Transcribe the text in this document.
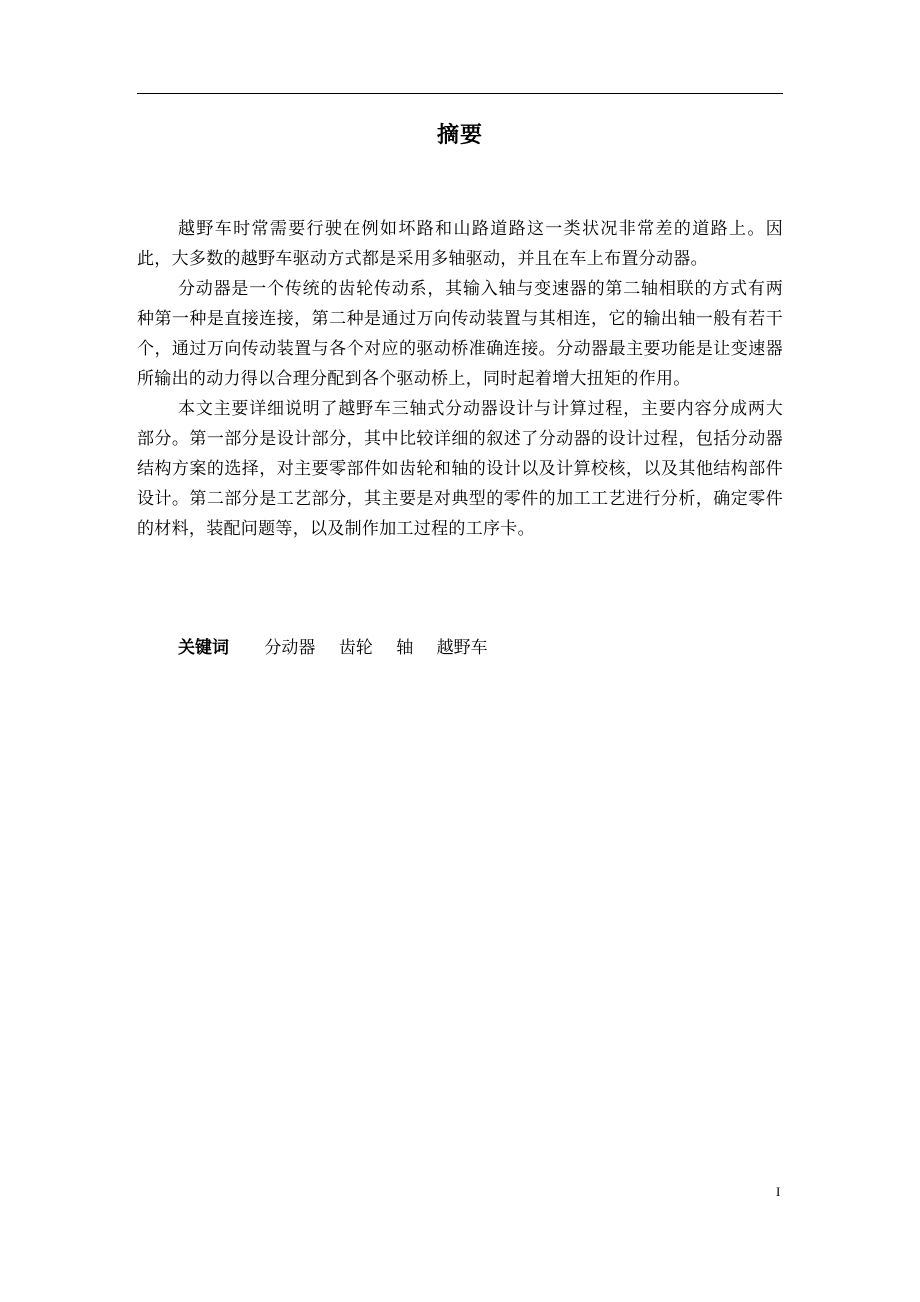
摘要

越野车时常需要行驶在例如坏路和山路道路这一类状况非常差的道路上。因此，大多数的越野车驱动方式都是采用多轴驱动，并且在车上布置分动器。

分动器是一个传统的齿轮传动系，其输入轴与变速器的第二轴相联的方式有两种第一种是直接连接，第二种是通过万向传动装置与其相连，它的输出轴一般有若干个，通过万向传动装置与各个对应的驱动桥准确连接。分动器最主要功能是让变速器所输出的动力得以合理分配到各个驱动桥上，同时起着增大扭矩的作用。

本文主要详细说明了越野车三轴式分动器设计与计算过程，主要内容分成两大部分。第一部分是设计部分，其中比较详细的叙述了分动器的设计过程，包括分动器结构方案的选择，对主要零部件如齿轮和轴的设计以及计算校核，以及其他结构部件设计。第二部分是工艺部分，其主要是对典型的零件的加工工艺进行分析，确定零件的材料，装配问题等，以及制作加工过程的工序卡。

关键词 分动器 齿轮 轴 越野车
I
